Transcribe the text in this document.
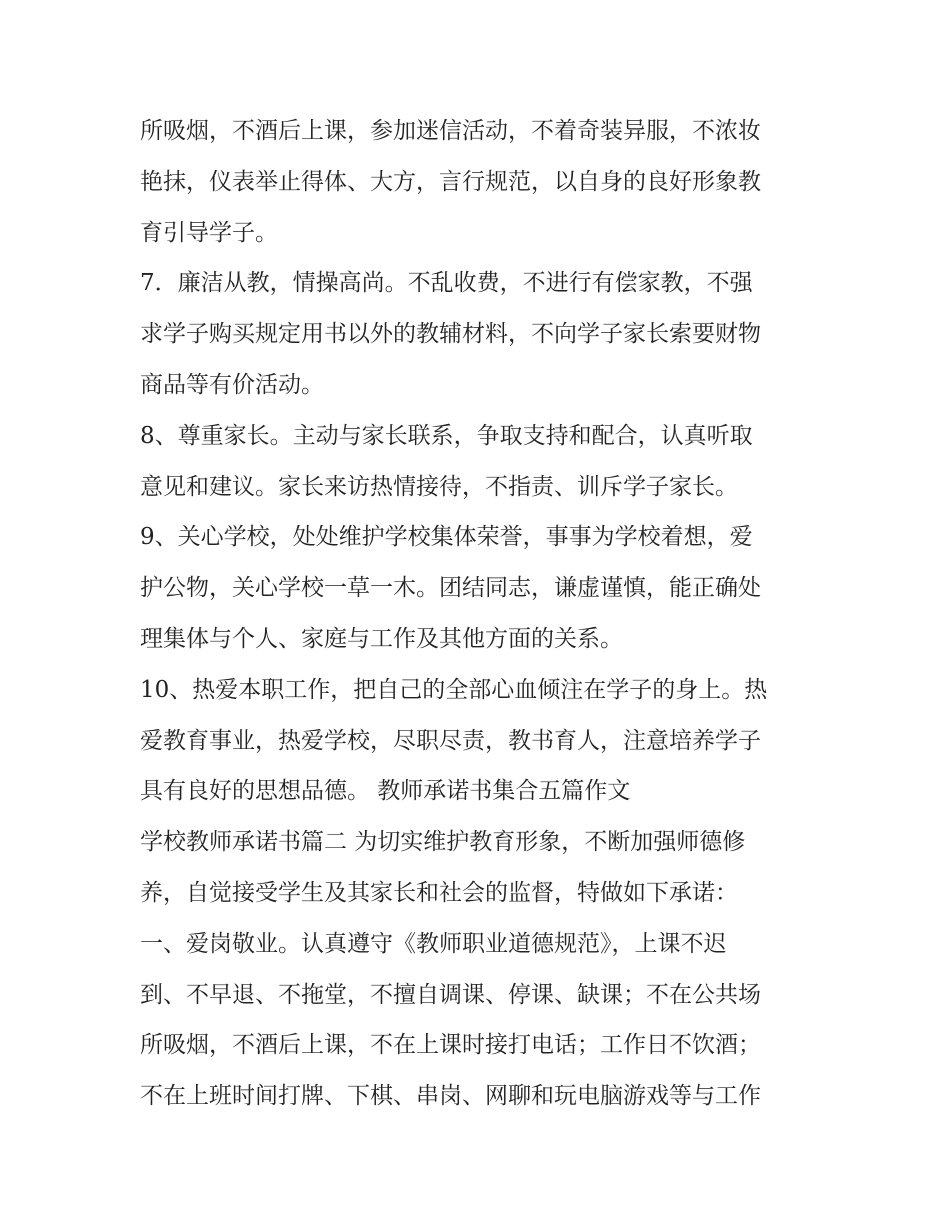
所吸烟，不酒后上课，参加迷信活动，不着奇装异服，不浓妆
艳抹，仪表举止得体、大方，言行规范，以自身的良好形象教
育引导学子。
7．廉洁从教，情操高尚。不乱收费，不进行有偿家教，不强
求学子购买规定用书以外的教辅材料，不向学子家长索要财物
商品等有价活动。
8、尊重家长。主动与家长联系，争取支持和配合，认真听取
意见和建议。家长来访热情接待，不指责、训斥学子家长。
9、关心学校，处处维护学校集体荣誉，事事为学校着想，爱
护公物，关心学校一草一木。团结同志，谦虚谨慎，能正确处
理集体与个人、家庭与工作及其他方面的关系。
10、热爱本职工作，把自己的全部心血倾注在学子的身上。热
爱教育事业，热爱学校，尽职尽责，教书育人，注意培养学子
具有良好的思想品德。 教师承诺书集合五篇作文
学校教师承诺书篇二 为切实维护教育形象，不断加强师德修
养，自觉接受学生及其家长和社会的监督，特做如下承诺：
一、爱岗敬业。认真遵守《教师职业道德规范》，上课不迟
到、不早退、不拖堂，不擅自调课、停课、缺课；不在公共场
所吸烟，不酒后上课，不在上课时接打电话；工作日不饮酒；
不在上班时间打牌、下棋、串岗、网聊和玩电脑游戏等与工作
